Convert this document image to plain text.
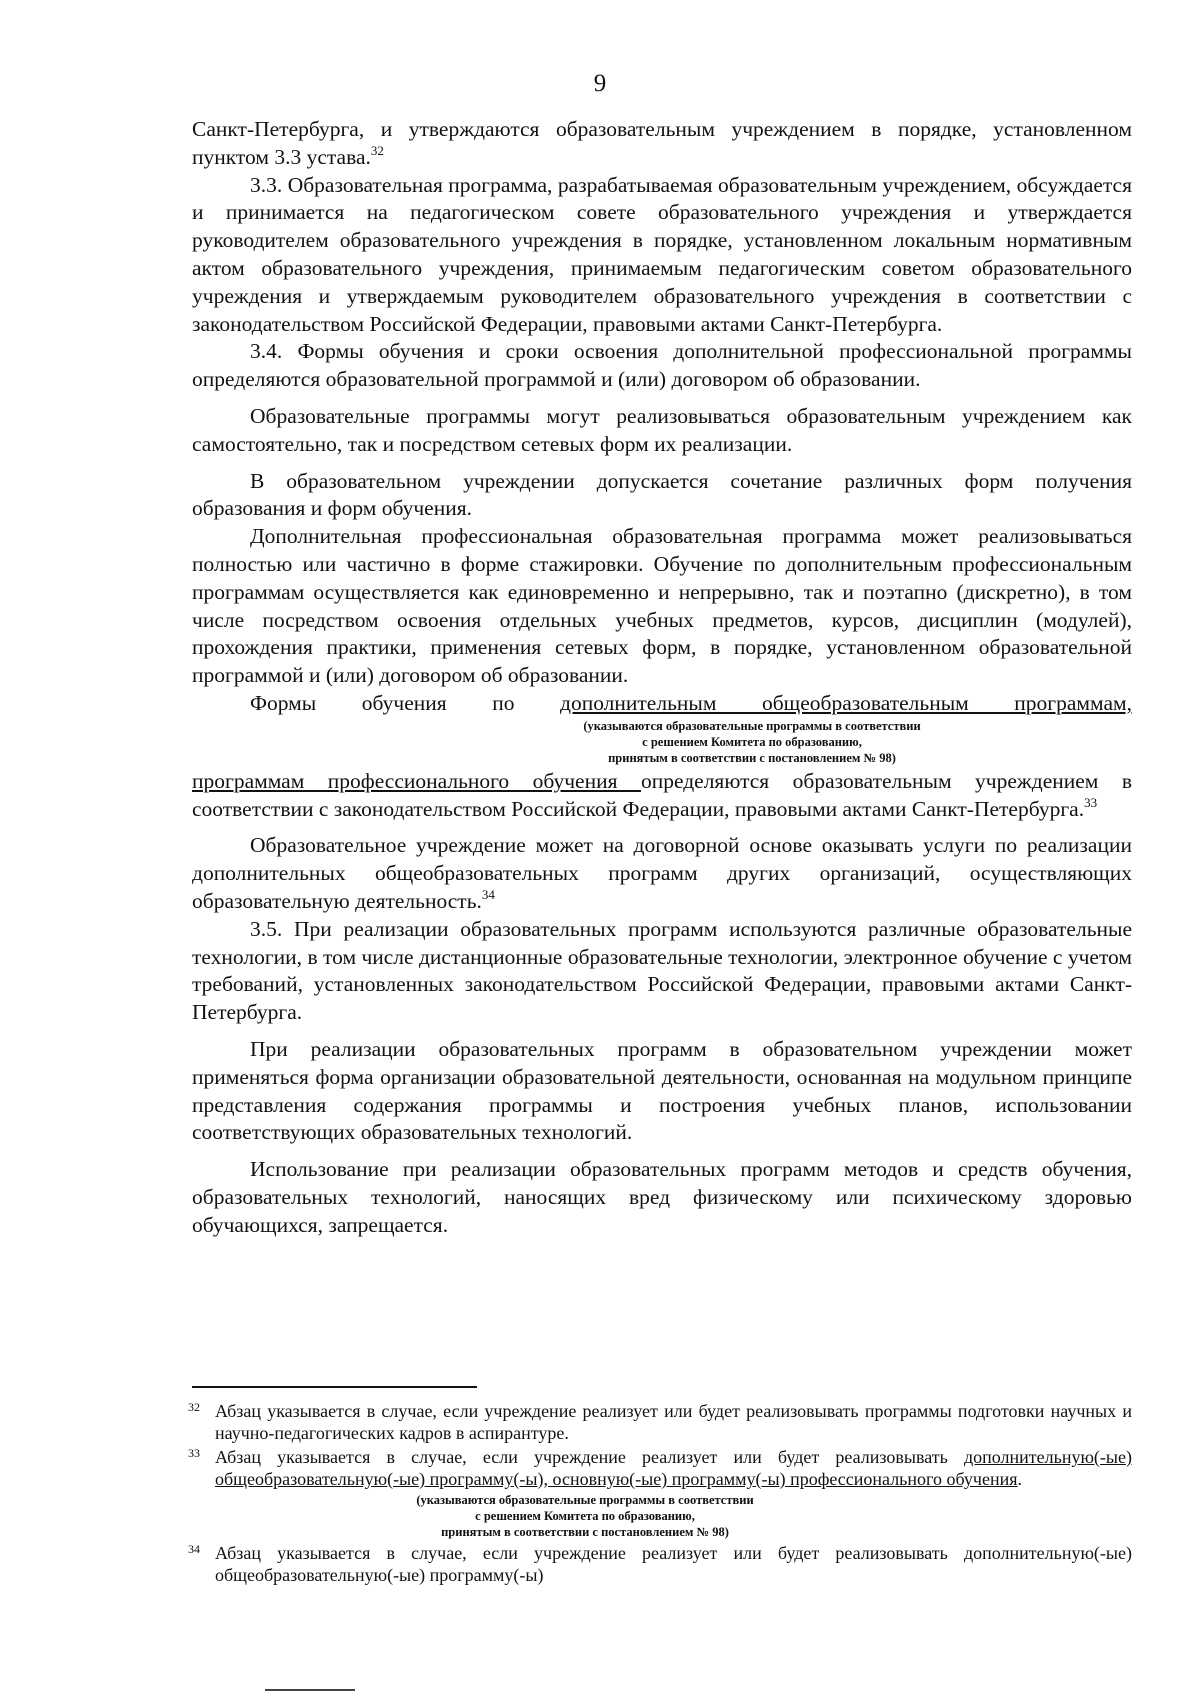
9

Санкт-Петербурга, и утверждаются образовательным учреждением в порядке, установленном пунктом 3.3 устава.$^{32}$

3.3. Образовательная программа, разрабатываемая образовательным учреждением, обсуждается и принимается на педагогическом совете образовательного учреждения и утверждается руководителем образовательного учреждения в порядке, установленном локальным нормативным актом образовательного учреждения, принимаемым педагогическим советом образовательного учреждения и утверждаемым руководителем образовательного учреждения в соответствии с законодательством Российской Федерации, правовыми актами Санкт-Петербурга.

3.4. Формы обучения и сроки освоения дополнительной профессиональной программы определяются образовательной программой и (или) договором об образовании.

Образовательные программы могут реализовываться образовательным учреждением как самостоятельно, так и посредством сетевых форм их реализации.

В образовательном учреждении допускается сочетание различных форм получения образования и форм обучения.

Дополнительная профессиональная образовательная программа может реализовываться полностью или частично в форме стажировки. Обучение по дополнительным профессиональным программам осуществляется как единовременно и непрерывно, так и поэтапно (дискретно), в том числе посредством освоения отдельных учебных предметов, курсов, дисциплин (модулей), прохождения практики, применения сетевых форм, в порядке, установленном образовательной программой и (или) договором об образовании.

Формы обучения по дополнительным общеобразовательным программам,

(указываются образовательные программы в соответствии
с решением Комитета по образованию,
принятым в соответствии с постановлением № 98)

программам профессионального обучения определяются образовательным учреждением в соответствии с законодательством Российской Федерации, правовыми актами Санкт-Петербурга.$^{33}$

Образовательное учреждение может на договорной основе оказывать услуги по реализации дополнительных общеобразовательных программ других организаций, осуществляющих образовательную деятельность.$^{34}$

3.5. При реализации образовательных программ используются различные образовательные технологии, в том числе дистанционные образовательные технологии, электронное обучение с учетом требований, установленных законодательством Российской Федерации, правовыми актами Санкт-Петербурга.

При реализации образовательных программ в образовательном учреждении может применяться форма организации образовательной деятельности, основанная на модульном принципе представления содержания программы и построения учебных планов, использовании соответствующих образовательных технологий.

Использование при реализации образовательных программ методов и средств обучения, образовательных технологий, наносящих вред физическому или психическому здоровью обучающихся, запрещается.

32 Абзац указывается в случае, если учреждение реализует или будет реализовывать программы подготовки научных и научно-педагогических кадров в аспирантуре.
33 Абзац указывается в случае, если учреждение реализует или будет реализовывать дополнительную(-ые) общеобразовательную(-ые) программу(-ы), основную(-ые) программу(-ы) профессионального обучения.
(указываются образовательные программы в соответствии
с решением Комитета по образованию,
принятым в соответствии с постановлением № 98)
34 Абзац указывается в случае, если учреждение реализует или будет реализовывать дополнительную(-ые) общеобразовательную(-ые) программу(-ы)
